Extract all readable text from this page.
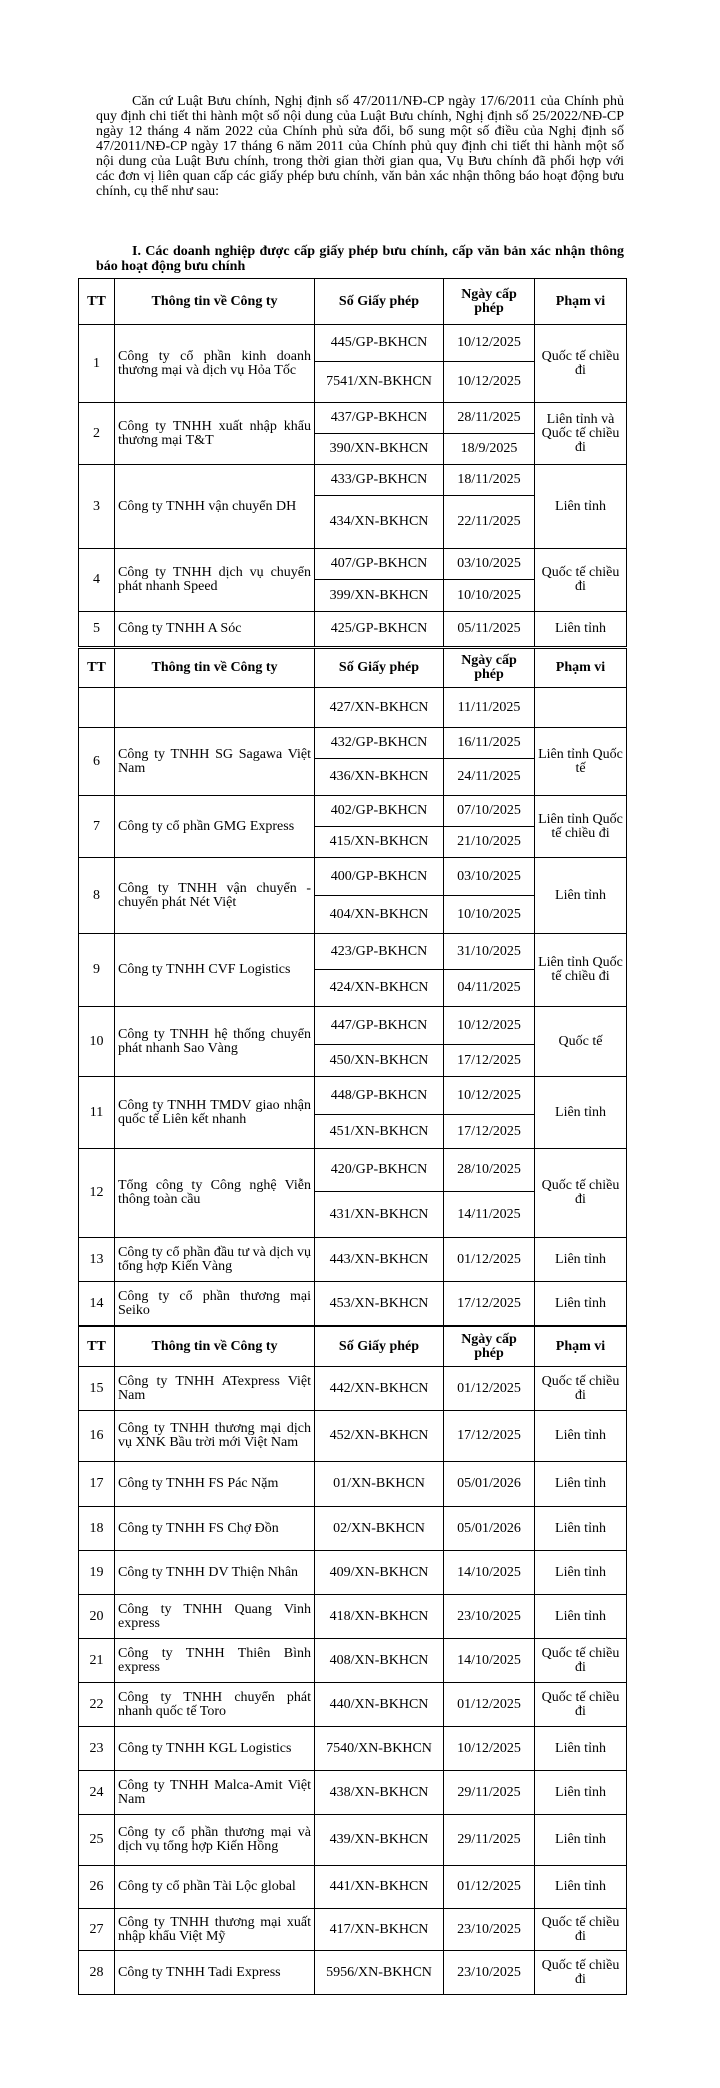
Căn cứ Luật Bưu chính, Nghị định số 47/2011/NĐ-CP ngày 17/6/2011 của Chính phủ quy định chi tiết thi hành một số nội dung của Luật Bưu chính, Nghị định số 25/2022/NĐ-CP ngày 12 tháng 4 năm 2022 của Chính phủ sửa đổi, bổ sung một số điều của Nghị định số 47/2011/NĐ-CP ngày 17 tháng 6 năm 2011 của Chính phủ quy định chi tiết thi hành một số nội dung của Luật Bưu chính, trong thời gian thời gian qua, Vụ Bưu chính đã phối hợp với các đơn vị liên quan cấp các giấy phép bưu chính, văn bản xác nhận thông báo hoạt động bưu chính, cụ thể như sau:

I. Các doanh nghiệp được cấp giấy phép bưu chính, cấp văn bản xác nhận thông báo hoạt động bưu chính

TT	Thông tin về Công ty	Số Giấy phép	Ngày cấp phép	Phạm vi
1	Công ty cổ phần kinh doanh thương mại và dịch vụ Hỏa Tốc	445/GP-BKHCN	10/12/2025	Quốc tế chiều đi
		7541/XN-BKHCN	10/12/2025	
2	Công ty TNHH xuất nhập khẩu thương mại T&T	437/GP-BKHCN	28/11/2025	Liên tỉnh và Quốc tế chiều đi
		390/XN-BKHCN	18/9/2025	
3	Công ty TNHH vận chuyển DH	433/GP-BKHCN	18/11/2025	Liên tỉnh
		434/XN-BKHCN	22/11/2025	
4	Công ty TNHH dịch vụ chuyển phát nhanh Speed	407/GP-BKHCN	03/10/2025	Quốc tế chiều đi
		399/XN-BKHCN	10/10/2025	
5	Công ty TNHH A Sóc	425/GP-BKHCN	05/11/2025	Liên tỉnh
TT	Thông tin về Công ty	Số Giấy phép	Ngày cấp phép	Phạm vi
		427/XN-BKHCN	11/11/2025	
6	Công ty TNHH SG Sagawa Việt Nam	432/GP-BKHCN	16/11/2025	Liên tỉnh Quốc tế
		436/XN-BKHCN	24/11/2025	
7	Công ty cổ phần GMG Express	402/GP-BKHCN	07/10/2025	Liên tỉnh Quốc tế chiều đi
		415/XN-BKHCN	21/10/2025	
8	Công ty TNHH vận chuyển - chuyển phát Nét Việt	400/GP-BKHCN	03/10/2025	Liên tỉnh
		404/XN-BKHCN	10/10/2025	
9	Công ty TNHH CVF Logistics	423/GP-BKHCN	31/10/2025	Liên tỉnh Quốc tế chiều đi
		424/XN-BKHCN	04/11/2025	
10	Công ty TNHH hệ thống chuyển phát nhanh Sao Vàng	447/GP-BKHCN	10/12/2025	Quốc tế
		450/XN-BKHCN	17/12/2025	
11	Công ty TNHH TMDV giao nhận quốc tế Liên kết nhanh	448/GP-BKHCN	10/12/2025	Liên tỉnh
		451/XN-BKHCN	17/12/2025	
12	Tổng công ty Công nghệ Viễn thông toàn cầu	420/GP-BKHCN	28/10/2025	Quốc tế chiều đi
		431/XN-BKHCN	14/11/2025	
13	Công ty cổ phần đầu tư và dịch vụ tổng hợp Kiến Vàng	443/XN-BKHCN	01/12/2025	Liên tỉnh
14	Công ty cổ phần thương mại Seiko	453/XN-BKHCN	17/12/2025	Liên tỉnh
TT	Thông tin về Công ty	Số Giấy phép	Ngày cấp phép	Phạm vi
15	Công ty TNHH ATexpress Việt Nam	442/XN-BKHCN	01/12/2025	Quốc tế chiều đi
16	Công ty TNHH thương mại dịch vụ XNK Bầu trời mới Việt Nam	452/XN-BKHCN	17/12/2025	Liên tỉnh
17	Công ty TNHH FS Pác Nặm	01/XN-BKHCN	05/01/2026	Liên tỉnh
18	Công ty TNHH FS Chợ Đồn	02/XN-BKHCN	05/01/2026	Liên tỉnh
19	Công ty TNHH DV Thiện Nhân	409/XN-BKHCN	14/10/2025	Liên tỉnh
20	Công ty TNHH Quang Vinh express	418/XN-BKHCN	23/10/2025	Liên tỉnh
21	Công ty TNHH Thiên Bình express	408/XN-BKHCN	14/10/2025	Quốc tế chiều đi
22	Công ty TNHH chuyển phát nhanh quốc tế Toro	440/XN-BKHCN	01/12/2025	Quốc tế chiều đi
23	Công ty TNHH KGL Logistics	7540/XN-BKHCN	10/12/2025	Liên tỉnh
24	Công ty TNHH Malca-Amit Việt Nam	438/XN-BKHCN	29/11/2025	Liên tỉnh
25	Công ty cổ phần thương mại và dịch vụ tổng hợp Kiến Hồng	439/XN-BKHCN	29/11/2025	Liên tỉnh
26	Công ty cổ phần Tài Lộc global	441/XN-BKHCN	01/12/2025	Liên tỉnh
27	Công ty TNHH thương mại xuất nhập khẩu Việt Mỹ	417/XN-BKHCN	23/10/2025	Quốc tế chiều đi
28	Công ty TNHH Tadi Express	5956/XN-BKHCN	23/10/2025	Quốc tế chiều đi
